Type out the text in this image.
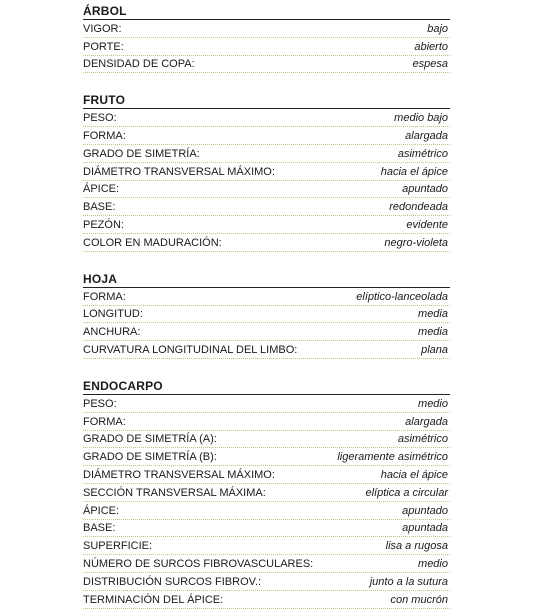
ÁRBOL
VIGOR:	bajo
PORTE:	abierto
DENSIDAD DE COPA:	espesa
FRUTO
PESO:	medio bajo
FORMA:	alargada
GRADO DE SIMETRÍA:	asimétrico
DIÁMETRO TRANSVERSAL MÁXIMO:	hacia el ápice
ÁPICE:	apuntado
BASE:	redondeada
PEZÓN:	evidente
COLOR EN MADURACIÓN:	negro-violeta
HOJA
FORMA:	elíptico-lanceolada
LONGITUD:	media
ANCHURA:	media
CURVATURA LONGITUDINAL DEL LIMBO:	plana
ENDOCARPO
PESO:	medio
FORMA:	alargada
GRADO DE SIMETRÍA (A):	asimétrico
GRADO DE SIMETRÍA (B):	ligeramente asimétrico
DIÁMETRO TRANSVERSAL MÁXIMO:	hacia el ápice
SECCIÓN TRANSVERSAL MÁXIMA:	elíptica a circular
ÁPICE:	apuntado
BASE:	apuntada
SUPERFICIE:	lisa a rugosa
NÚMERO DE SURCOS FIBROVASCULARES:	medio
DISTRIBUCIÓN SURCOS FIBROV.:	junto a la sutura
TERMINACIÓN DEL ÁPICE:	con mucrón
